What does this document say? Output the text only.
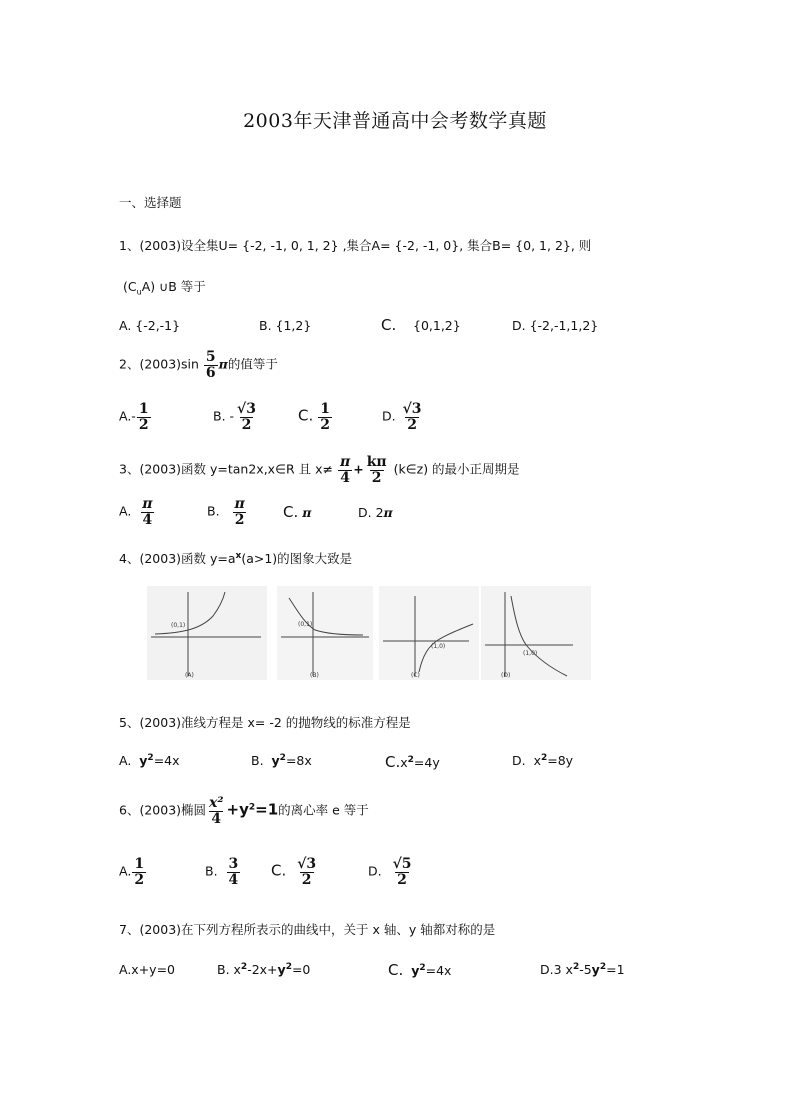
2003年天津普通高中会考数学真题
一、选择题
1、(2003)设全集U= {-2, -1, 0, 1, 2} ,集合A= {-2, -1, 0}, 集合B= {0, 1, 2}, 则
$(C_uA)$ ∪B 等于
A. {-2,-1}	B. {1,2}	C. {0,1,2}	D. {-2,-1,1,2}
2、$(2003)\sin \frac{5}{6}$ π的值等于
$A.- \frac{1}{2}$	B. - $\frac{√3}{2}$	C. $\frac{1}{2}$	D. $\frac{√3}{2}$
3、(2003)函数 y=tan2x,x∈R 且 $x\ne \frac{\pi}{4} + \frac{k\pi}{2}$ (k∈z) 的最小正周期是
A. $\frac{\pi}{4}$	B. $\frac{\pi}{2} C$. π	D. 2π
4、(2003)函数 $y=a^x(a>1)$的图象大致是
(0,1)
(A)
(0,1)
(B)
(1,0)
(C)
(1,0)
(D)
5、(2003)准线方程是 x= -2 的抛物线的标准方程是
A. $y^2=4x$	B. $y^2=8x$	$C.x^2=4y$	D. $x^2=8y$
6、(2003)椭圆 $\frac{\text{x²}}{4} +y^2=1$的离心率 e 等于
A. $\frac{1}{2}$	B. $\frac{3}{4} C$. $\frac{√3}{2}$	D. $\frac{√5}{2}$
7、(2003)在下列方程所表示的曲线中，关于 x 轴、y 轴都对称的是
A.x+y=0	B. $x^2-2x+y^2=0$	C. $y^2=4x$	D.3 $x^2-5y^2=1$
